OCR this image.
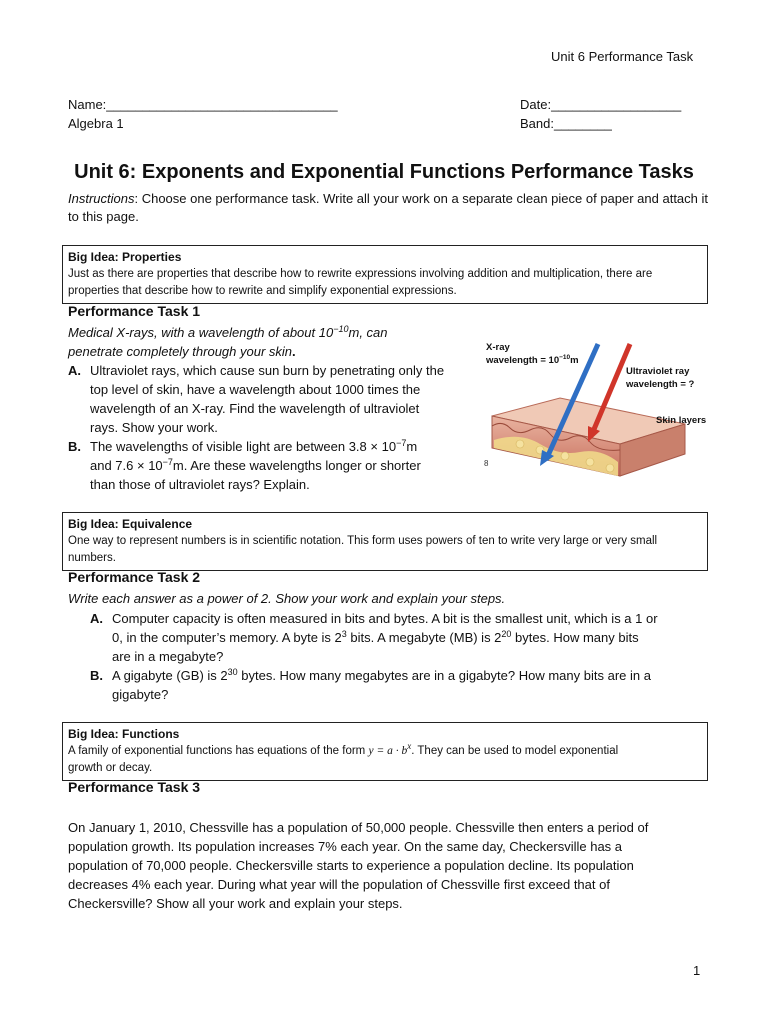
Unit 6 Performance Task
Name:________________________________
Algebra 1
Date:__________________
Band:________
Unit 6: Exponents and Exponential Functions Performance Tasks
Instructions: Choose one performance task. Write all your work on a separate clean piece of paper and attach it to this page.
Big Idea: Properties
Just as there are properties that describe how to rewrite expressions involving addition and multiplication, there are properties that describe how to rewrite and simplify exponential expressions.
Performance Task 1
Medical X-rays, with a wavelength of about $10^{-10}m$, can
penetrate completely through your skin.
A. Ultraviolet rays, which cause sun burn by penetrating only the
top level of skin, have a wavelength about 1000 times the
wavelength of an X-ray. Find the wavelength of ultraviolet
rays. Show your work.
B. The wavelengths of visible light are between $3.8 \times 10^{-7}m$
and $7.6 \times 10^{-7}m$. Are these wavelengths longer or shorter
than those of ultraviolet rays? Explain.
X-ray
wavelength = $10^{-10}m$
Ultraviolet ray
wavelength = ?
Skin layers
8
Big Idea: Equivalence
One way to represent numbers is in scientific notation. This form uses powers of ten to write very large or very small numbers.
Performance Task 2
Write each answer as a power of 2. Show your work and explain your steps.
A. Computer capacity is often measured in bits and bytes. A bit is the smallest unit, which is a 1 or
0, in the computer’s memory. A byte is $2^3$ bits. A megabyte (MB) is $2^{20}$ bytes. How many bits
are in a megabyte?
B. A gigabyte (GB) is $2^{30}$ bytes. How many megabytes are in a gigabyte? How many bits are in a
gigabyte?
Big Idea: Functions
A family of exponential functions has equations of the form $y = a \cdot b^x$. They can be used to model exponential
growth or decay.
Performance Task 3
On January 1, 2010, Chessville has a population of 50,000 people. Chessville then enters a period of
population growth. Its population increases 7% each year. On the same day, Checkersville has a
population of 70,000 people. Checkersville starts to experience a population decline. Its population
decreases 4% each year. During what year will the population of Chessville first exceed that of
Checkersville? Show all your work and explain your steps.
1
